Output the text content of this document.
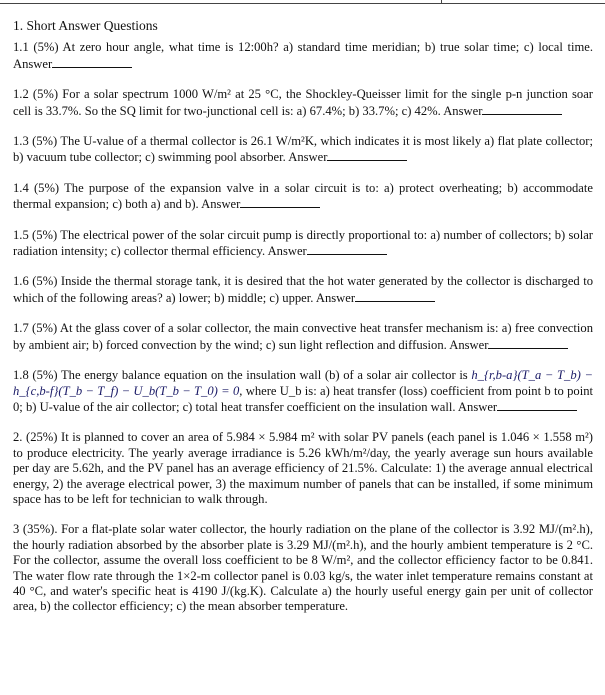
1. Short Answer Questions

1.1 (5%) At zero hour angle, what time is 12:00h? a) standard time meridian; b) true solar time; c) local time. Answer

1.2 (5%) For a solar spectrum 1000 W/m² at 25 °C, the Shockley-Queisser limit for the single p-n junction soar cell is 33.7%. So the SQ limit for two-junctional cell is: a) 67.4%; b) 33.7%; c) 42%. Answer

1.3 (5%) The U-value of a thermal collector is 26.1 W/m²K, which indicates it is most likely a) flat plate collector; b) vacuum tube collector; c) swimming pool absorber. Answer

1.4 (5%) The purpose of the expansion valve in a solar circuit is to: a) protect overheating; b) accommodate thermal expansion; c) both a) and b). Answer

1.5 (5%) The electrical power of the solar circuit pump is directly proportional to: a) number of collectors; b) solar radiation intensity; c) collector thermal efficiency. Answer

1.6 (5%) Inside the thermal storage tank, it is desired that the hot water generated by the collector is discharged to which of the following areas? a) lower; b) middle; c) upper. Answer

1.7 (5%) At the glass cover of a solar collector, the main convective heat transfer mechanism is: a) free convection by ambient air; b) forced convection by the wind; c) sun light reflection and diffusion. Answer

1.8 (5%) The energy balance equation on the insulation wall (b) of a solar air collector is h_{r,b-a}(T_a − T_b) − h_{c,b-f}(T_b − T_f) − U_b(T_b − T_0) = 0, where U_b is: a) heat transfer (loss) coefficient from point b to point 0; b) U-value of the air collector; c) total heat transfer coefficient on the insulation wall. Answer

2. (25%) It is planned to cover an area of 5.984 × 5.984 m² with solar PV panels (each panel is 1.046 × 1.558 m²) to produce electricity. The yearly average irradiance is 5.26 kWh/m²/day, the yearly average sun hours available per day are 5.62h, and the PV panel has an average efficiency of 21.5%. Calculate: 1) the average annual electrical energy, 2) the average electrical power, 3) the maximum number of panels that can be installed, if some minimum space has to be left for technician to walk through.

3 (35%). For a flat-plate solar water collector, the hourly radiation on the plane of the collector is 3.92 MJ/(m².h), the hourly radiation absorbed by the absorber plate is 3.29 MJ/(m².h), and the hourly ambient temperature is 2 °C. For the collector, assume the overall loss coefficient to be 8 W/m², and the collector efficiency factor to be 0.841. The water flow rate through the 1×2-m collector panel is 0.03 kg/s, the water inlet temperature remains constant at 40 °C, and water's specific heat is 4190 J/(kg.K). Calculate a) the hourly useful energy gain per unit of collector area, b) the collector efficiency; c) the mean absorber temperature.
